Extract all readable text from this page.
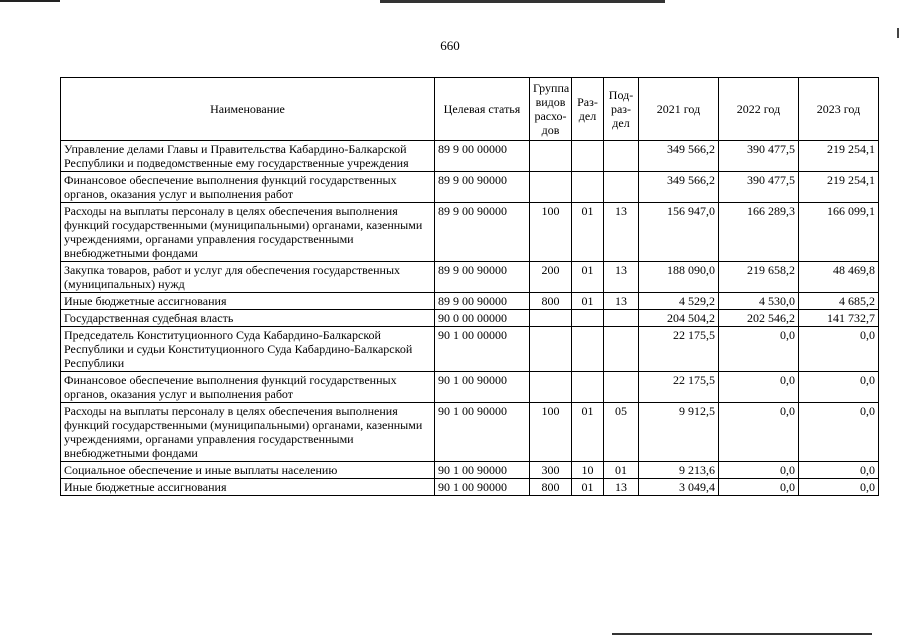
660
Наименование	Целевая статья	Группа видов расхо-дов	Раз-дел	Под-раз-дел	2021 год	2022 год	2023 год
Управление делами Главы и Правительства Кабардино-Балкарской Республики и подведомственные ему государственные учреждения	89 9 00 00000				349 566,2	390 477,5	219 254,1
Финансовое обеспечение выполнения функций государственных органов, оказания услуг и выполнения работ	89 9 00 90000				349 566,2	390 477,5	219 254,1
Расходы на выплаты персоналу в целях обеспечения выполнения функций государственными (муниципальными) органами, казенными учреждениями, органами управления государственными внебюджетными фондами	89 9 00 90000	100	01	13	156 947,0	166 289,3	166 099,1
Закупка товаров, работ и услуг для обеспечения государственных (муниципальных) нужд	89 9 00 90000	200	01	13	188 090,0	219 658,2	48 469,8
Иные бюджетные ассигнования	89 9 00 90000	800	01	13	4 529,2	4 530,0	4 685,2
Государственная судебная власть	90 0 00 00000				204 504,2	202 546,2	141 732,7
Председатель Конституционного Суда Кабардино-Балкарской Республики и судьи Конституционного Суда Кабардино-Балкарской Республики	90 1 00 00000				22 175,5	0,0	0,0
Финансовое обеспечение выполнения функций государственных органов, оказания услуг и выполнения работ	90 1 00 90000				22 175,5	0,0	0,0
Расходы на выплаты персоналу в целях обеспечения выполнения функций государственными (муниципальными) органами, казенными учреждениями, органами управления государственными внебюджетными фондами	90 1 00 90000	100	01	05	9 912,5	0,0	0,0
Социальное обеспечение и иные выплаты населению	90 1 00 90000	300	10	01	9 213,6	0,0	0,0
Иные бюджетные ассигнования	90 1 00 90000	800	01	13	3 049,4	0,0	0,0
